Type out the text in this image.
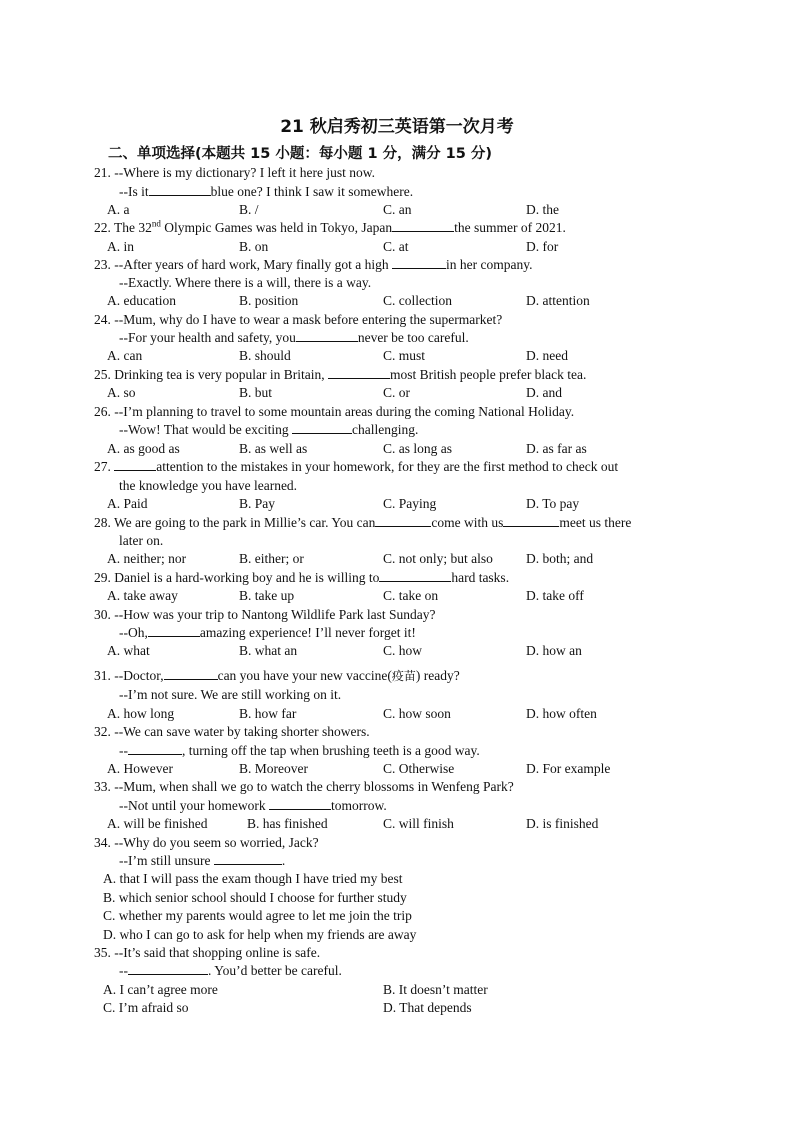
21 秋启秀初三英语第一次月考
二、单项选择(本题共 15 小题：每小题 1 分，满分 15 分)
21. --Where is my dictionary? I left it here just now.
--Is it	blue one? I think I saw it somewhere.
A. a	B. /	C. an	D. the
22. The 32nd Olympic Games was held in Tokyo, Japan	the summer of 2021.
A. in	B. on	C. at	D. for
23. --After years of hard work, Mary finally got a high	in her company.
--Exactly. Where there is a will, there is a way.
A. education	B. position	C. collection	D. attention
24. --Mum, why do I have to wear a mask before entering the supermarket?
--For your health and safety, you	never be too careful.
A. can	B. should	C. must	D. need
25. Drinking tea is very popular in Britain,	most British people prefer black tea.
A. so	B. but	C. or	D. and
26. --I’m planning to travel to some mountain areas during the coming National Holiday.
--Wow! That would be exciting	challenging.
A. as good as	B. as well as	C. as long as	D. as far as
27.	attention to the mistakes in your homework, for they are the first method to check out
the knowledge you have learned.
A. Paid	B. Pay	C. Paying	D. To pay
28. We are going to the park in Millie’s car. You can	come with us	meet us there
later on.
A. neither; nor	B. either; or	C. not only; but also D. both; and
29. Daniel is a hard-working boy and he is willing to	hard tasks.
A. take away	B. take up	C. take on	D. take off
30. --How was your trip to Nantong Wildlife Park last Sunday?
--Oh,	amazing experience! I’ll never forget it!
A. what	B. what an	C. how	D. how an
31. --Doctor,	can you have your new vaccine(疫苗) ready?
--I’m not sure. We are still working on it.
A. how long	B. how far	C. how soon	D. how often
32. --We can save water by taking shorter showers.
--	, turning off the tap when brushing teeth is a good way.
A. However	B. Moreover	C. Otherwise	D. For example
33. --Mum, when shall we go to watch the cherry blossoms in Wenfeng Park?
--Not until your homework	tomorrow.
A. will be finished	B. has finished	C. will finish	D. is finished
34. --Why do you seem so worried, Jack?
--I’m still unsure	.
A. that I will pass the exam though I have tried my best
B. which senior school should I choose for further study
C. whether my parents would agree to let me join the trip
D. who I can go to ask for help when my friends are away
35. --It’s said that shopping online is safe.
--	. You’d better be careful.
A. I can’t agree more	B. It doesn’t matter
C. I’m afraid so	D. That depends
